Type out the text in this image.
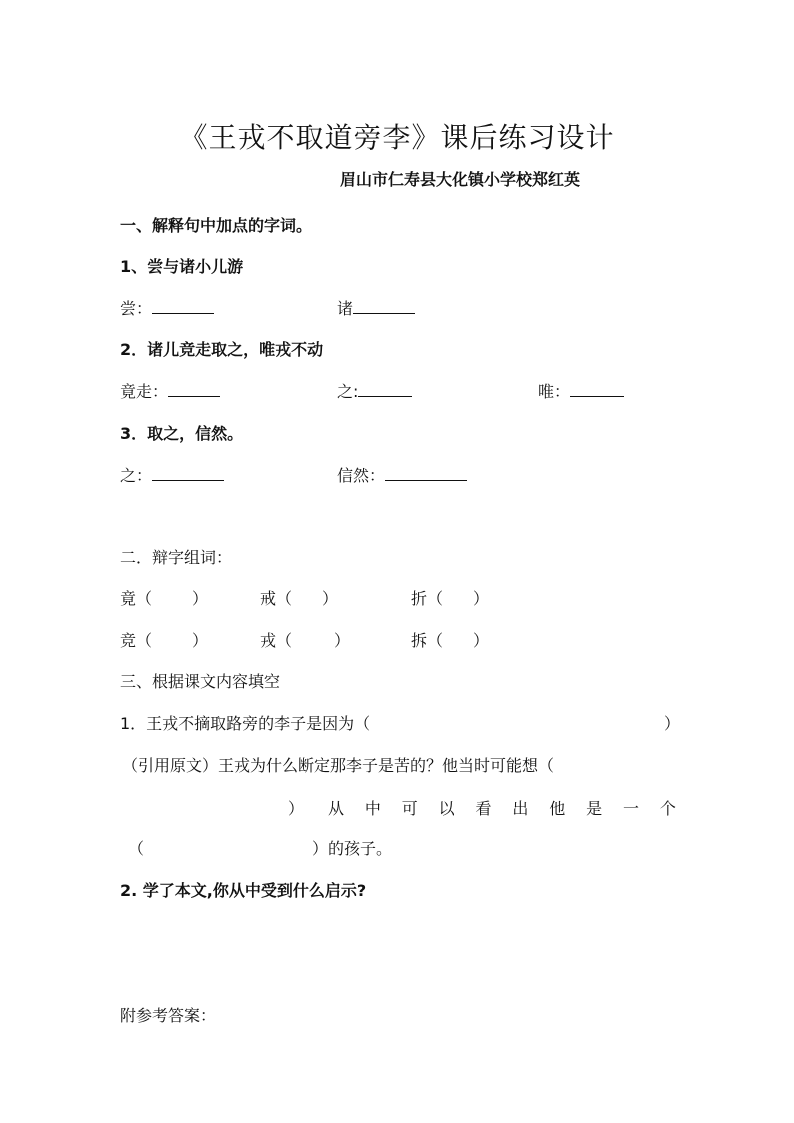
《王戎不取道旁李》课后练习设计
眉山市仁寿县大化镇小学校郑红英
一、解释句中加点的字词。
1、尝与诸小儿游
尝：	诸
2．诸儿竞走取之，唯戎不动
竟走：	之:	唯：
3．取之，信然。
之：	信然：
二．辩字组词：
竟（	）	戒（ ）	折（ ）
竞（	）	戎（	）	拆（ ）
三、根据课文内容填空
1．王戎不摘取路旁的李子是因为（	）
（引用原文）王戎为什么断定那李子是苦的？他当时可能想（
） 从 中 可 以 看 出 他 是 一 个
（	）的孩子。
2. 学了本文,你从中受到什么启示?
附参考答案：
